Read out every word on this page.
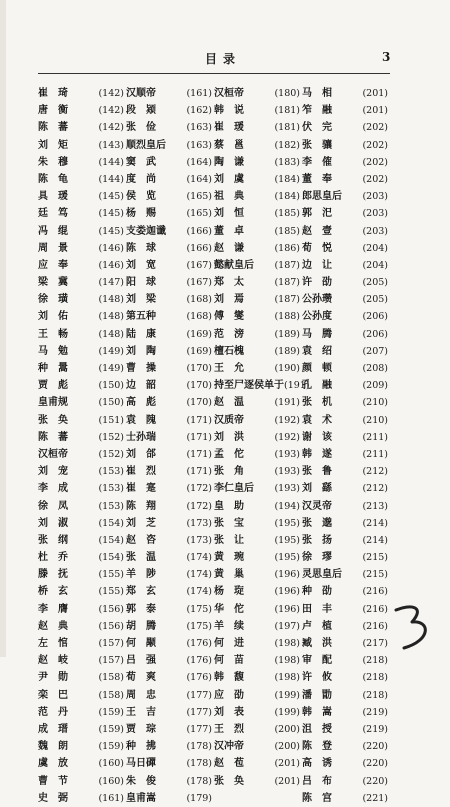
目录	3
崔　琦	(142)
唐　衡	(142)
陈　蕃	(142)
刘　矩	(143)
朱　穆	(144)
陈　龟	(144)
具　瑗	(145)
廷　笃	(145)
冯　绲	(145)
周　景	(146)
应　奉	(146)
梁　冀	(147)
徐　璜	(148)
刘　佑	(148)
王　畅	(148)
马　勉	(149)
种　暠	(149)
贾　彪	(150)
皇甫规	(150)
张　奂	(151)
陈　蕃	(152)
汉桓帝	(152)
刘　宠	(153)
李　成	(153)
徐　凤	(153)
刘　淑	(154)
张　纲	(154)
杜　乔	(154)
滕　抚	(155)
桥　玄	(155)
李　膺	(156)
赵　典	(156)
左　悺	(157)
赵　岐	(157)
尹　勋	(158)
栾　巴	(158)
范　丹	(159)
成　瑨	(159)
魏　朗	(159)
虞　放	(160)
曹　节	(160)
史　弼	(161)
汉顺帝	(161)
段　颎	(162)
张　俭	(163)
顺烈皇后 (163)
窦　武	(164)
度　尚	(164)
侯　览	(165)
杨　赐	(165)
支娄迦谶 (166)
陈　球	(166)
刘　宽	(167)
阳　球	(167)
刘　梁	(168)
第五种	(168)
陆　康	(169)
刘　陶	(169)
曹　操	(170)
边　韶	(170)
高　彪	(170)
袁　隗	(171)
士孙瑞	(171)
刘　郃	(171)
崔　烈	(171)
崔　寔	(172)
陈　翔	(172)
刘　芝	(173)
赵　咨	(173)
张　温	(174)
羊　陟	(174)
郑　玄	(174)
郭　泰	(175)
胡　腾	(175)
何　颙	(176)
吕　强	(176)
荀　爽	(176)
周　忠	(177)
王　吉	(177)
贾　琮	(177)
种　拂	(178)
马日磾	(178)
朱　俊	(178)
皇甫嵩	(179)
汉桓帝	(180)
韩　说	(181)
崔　瑗	(181)
蔡　邕	(182)
陶　谦	(183)
刘　虞	(184)
祖　典	(184)
刘　恒	(185)
董　卓	(185)
赵　谦	(186)
懿献皇后 (187)
郑　太	(187)
刘　焉	(187)
傅　燮	(188)
范　滂	(189)
檀石槐	(189)
王　允	(190)
持至尸逐侯单于 (191)
赵　温	(191)
汉质帝	(192)
刘　洪	(192)
孟　佗	(193)
张　角	(193)
李仁皇后 (193)
皇　助	(194)
张　宝	(195)
张　让	(195)
黄　琬	(195)
黄　巢	(196)
杨　琁	(196)
华　佗	(196)
羊　续	(197)
何　进	(198)
何　苗	(198)
韩　馥	(198)
应　劭	(199)
刘　表	(199)
王　烈	(200)
汉冲帝	(200)
赵　苞	(201)
张　奂	(201)
马　相	(201)
笮　融	(201)
伏　完	(202)
张　骧	(202)
李　傕	(202)
董　奉	(202)
郎思皇后 (203)
郭　汜	(203)
赵　壹	(203)
荀　悦	(204)
边　让	(204)
许　劭	(205)
公孙瓒	(205)
公孙度	(206)
马　腾	(206)
袁　绍	(207)
颜　顿	(208)
孔　融	(209)
张　机	(210)
袁　术	(210)
谢　该	(211)
韩　遂	(211)
张　鲁	(212)
刘　繇	(212)
汉灵帝	(213)
张　邈	(214)
张　扬	(214)
徐　璆	(215)
灵思皇后 (215)
种　劭	(216)
田　丰	(216)
卢　植	(216)
臧　洪	(217)
审　配	(218)
许　攸	(218)
潘　勖	(218)
韩　嵩	(219)
沮　授	(219)
陈　登	(220)
高　诱	(220)
吕　布	(220)
陈　宫	(221)
